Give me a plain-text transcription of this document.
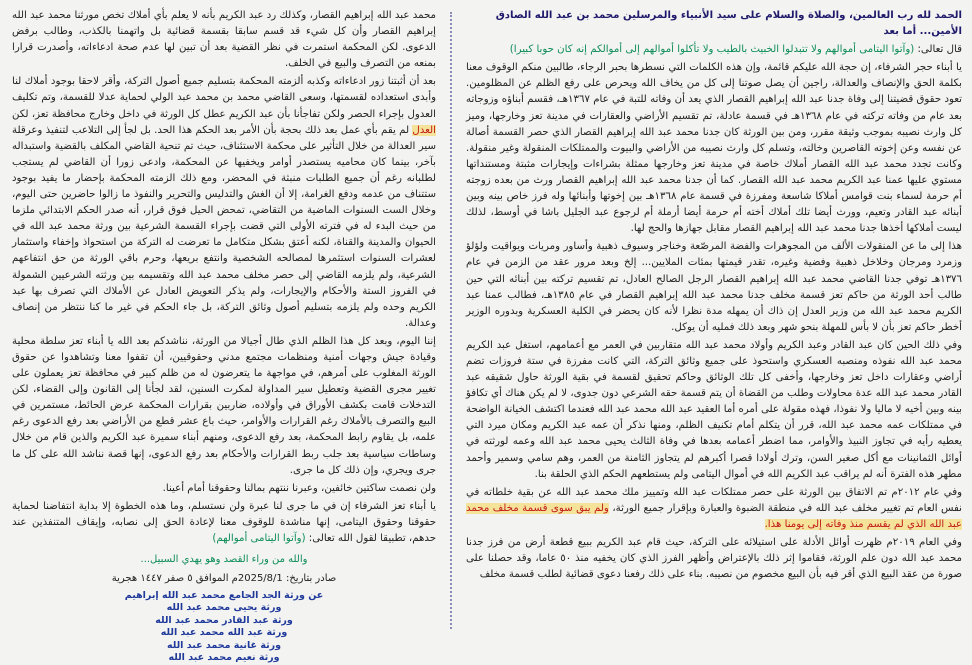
الحمد لله رب العالمين، والصلاة والسلام على سيد الأنبياء والمرسلين محمد بن عبد الله الصادق الأمين... أما بعد
قال تعالى: (وآتوا اليتامى أموالهم ولا تتبدلوا الخبيث بالطيب ولا تأكلوا أموالهم إلى أموالكم إنه كان حوبا كبيرا)
يا أبناء حجر الشرفاء، إن حجة الله عليكم قائمة، وإن هذه الكلمات التي نسطرها بحبر الرجاء، طالبين منكم الوقوف معنا بكلمة الحق والإنصاف والعدالة، راجين أن يصل صوتنا إلى كل من يخاف الله ويحرص على رفع الظلم عن المظلومين. تعود حقوق قضيتنا إلى وفاة جدنا عبد الله إبراهيم القصار الذي يعد أن وفاته للتبة في عام ١٣٦٧هـ، فقسم أبناؤه وزوجاته بعد عام من وفاته تركته في عام ١٣٦٨هـ في قسمة عادلة، تم تقسيم الأراضي والعقارات في مدينة تعز وخارجها، وميز كل وارث نصيبه بموجب وثيقة مقرر، ومن بين الورثة كان جدنا محمد عبد الله إبراهيم القصار الذي حصر القسمة أصالة عن نفسه وعن إخوته القاصرين وخالته، وتسلم كل وارث نصيبه من الأراضي والبيوت والممتلكات المنقولة وغير منقولة. وكانت تجدد محمد عبد الله القصار أملاك خاصة في مدينة تعز وخارجها ممثلة بشراءات وإيجارات مثبتة ومستنداتها مستوي عليها عمنا عبد الكريم محمد عبد الله القصار. كما أن جدنا محمد عبد الله إبراهيم القصار ورث من بعده زوجته أم حرمة لسماء بنت قوامس أملاكا شاسعة ومفرزة في قسمة عام ١٣٦٨هـ بين إخوتها وأبنائها وله فرز خاص بينه وبين أبنائه عبد القادر وتعيم، وورث أيضا تلك أملاك أخته أم حرمة أيضا أرملة أم لرجوع عبد الجليل باشا في أوسط، لذلك ليست أملاكها أخذها جدنا محمد عبد الله إبراهيم القصار مقابل جهازها والحج لها.
هذا إلى ما عن المنقولات الألف من المجوهرات والفضة المرصّعة وخناجر وسيوف ذهبية وأساور ومريات ويواقيت ولؤلؤ وزمرد ومرجان وخلاخل ذهبية وفضية وغيره، تقدر قيمتها بمئات الملايين... إلخ وبعد مرور عقد من الزمن في عام ١٣٧٦هـ توفي جدنا القاضي محمد عبد الله إبراهيم القصار الرجل الصالح العادل، تم تقسيم تركته بين أبنائه التي حين طالب أحد الورثة من حاكم تعز قسمة مخلف جدنا محمد عبد الله إبراهيم القصار في عام ١٣٨٥هـ، فطالب عمنا عبد الكريم محمد عبد الله من وزير العدل إن ذاك أن يمهله مدة نظرا لأنه كان يحضر في الكلية العسكرية وبدوره الوزير أخطر حاكم تعز بأن لا بأس للمهلة بنحو شهر وبعد ذلك فمليه أن يوكل.
وفي ذلك الحين كان عبد القادر وعبد الكريم وأولاد محمد عبد الله متقاربين في العمر مع أعمامهم، استغل عبد الكريم محمد عبد الله نفوذه ومنصبه العسكري واستحوذ على جميع وثائق التركة، التي كانت مفرزة في ستة فروزات تضم أراضي وعقارات داخل تعز وخارجها، وأخفى كل تلك الوثائق وحاكم تحقيق لقسمة في بقية الورثة حاول شقيقه عبد القادر محمد عبد الله عدة محاولات وطلب من القضاة أن يتم قسمة حقه الشرعي دون جدوى، لا لم يكن هناك أي تكافؤ بينه وبين أخيه لا ماليا ولا نفوذا، فهذه مقولة على أمره أما العقيد عبد الله محمد عبد الله فعندما اكتشف الخيانة الواضحة في ممتلكات عمه محمد عبد الله، قرر أن يتكلم أمام تكنيف الظلم، ومنها نذكر أن عمه عبد الكريم ومكان ميرد التي يعطيه رأيه في تجاوز النبيذ والأوامر، مما اضطر أعمامه بعدها في وفاة الثالث يحيى محمد عبد الله وعمه لورثته في أوائل الثمانينات مع أكل صغير السن، وترك أولادا قصرا أكبرهم لم يتجاوز الثامنة من العمر، وهم سامي وسمير وأحمد مطهر هذه الفترة أنه لم يراقب عبد الكريم الله في أموال اليتامى ولم يستطعهم الحكم الذي الحلقة بنا.
وفي عام ٢٠١٢م تم الاتفاق بين الورثة على حصر ممتلكات عبد الله وتمييز ملك محمد عبد الله عن بقية خلطاته في نفس العام تم تغيير مخلف عبد الله في منطقة الضبوة والعبارة وبإقرار جميع الورثة، ولم يبق سوى قسمة مخلف محمد عبد الله الذي لم يقسم منذ وفاته إلى يومنا هذا.
وفي العام ٢٠١٩م ظهرت أوائل الأدلة على استيلائه على التركة، حيث قام عبد الكريم ببيع قطعة أرض من فرز جدنا محمد عبد الله دون علم الورثة، فقاموا إثر ذلك بالإعتراض وأظهر الفرز الذي كان يخفيه منذ ٥٠ عاما، وقد حصلنا على صورة من عقد البيع الذي أقر فيه بأن البيع مخصوم من نصيبه. بناء على ذلك رفعنا دعوى قضائية لطلب قسمة مخلف
محمد عبد الله إبراهيم القصار، وكذلك رد عبد الكريم بأنه لا يعلم بأي أملاك تخص مورثنا محمد عبد الله إبراهيم القصار وأن كل شيء قد قسم سابقا بقسمة قضائية بل واتهمنا بالكذب، وطالب برفض الدعوى. لكن المحكمة استمرت في نظر القضية بعد أن تبين لها عدم صحة ادعاءاته، وأصدرت قرارا بمنعه من التصرف والبيع في الخلف.
بعد أن أثبتنا زور ادعاءاته وكذبه ألزمته المحكمة بتسليم جميع أصول التركة، وأقر لاحقا بوجود أملاك لنا وأبدى استعداده لقسمتها، وسعى القاضي محمد بن محمد عبد الولي لحماية عدلا للقسمة، وتم تكليف العدول بإجراء الحصر ولكن تفاجأنا بأن عبد الكريم عطل كل الورثة في داخل وخارج محافظة تعز، لكن العدل لم يقم بأي عمل بعد ذلك بحجة بأن الأمر بعد الحكم هذا الحد. بل لجأ إلى التلاعب لتنفيذ وعرقلة سير العدالة من خلال التأثير على محكمة الاستئناف، حيث تم تنحية القاضي المكلف بالقضية واستبداله بآخر، بينما كان محاميه يستصدر أوامر ويخفيها عن المحكمة، وادعى زورا أن القاضي لم يستجب لطلبانه رغم أن جميع الطلبات منبثة في المحضر، ومع ذلك الزمته المحكمة بإحضار ما يفيد بوجود ستتناف من عدمه ودفع الغرامة، إلا أن الغش والتدليس والتحرير والنفوذ ما زالوا حاضرين حتى اليوم، وخلال الست السنوات الماضية من التقاضي، تمحض الحيل فوق قرار، أنه صدر الحكم الابتدائي ملزما من حيث البدء له في فترته الأولى التي قضت بإجراء القسمة الشرعية بين ورثة محمد عبد الله في الحيوان والمدينة والقناة، لكنه أعتق بشكل متكامل ما تعرضت له التركة من استحواذ وإخفاء واستثمار لعشرات السنوات استثمرها لمصالحه الشخصية وانتفع بريعها، وحرم باقي الورثة من حق انتفاعهم الشرعية، ولم يلزمه القاضي إلى حصر مخلف محمد عبد الله وتقسيمه بين ورثته الشرعيين الشمولة في الفروز الستة والأحكام والإيجارات، ولم يذكر التعويض العادل عن الأملاك التي تصرف بها عبد الكريم وحده ولم يلزمه بتسليم أصول وثائق التركة، بل جاء الحكم في غير ما كنا ننتظر من إنصاف وعدالة.
إننا اليوم، وبعد كل هذا الظلم الذي طال أجيالا من الورثة، نناشدكم بعد الله يا أبناء تعز سلطة محلية وقيادة جيش وجهات أمنية ومنظمات مجتمع مدني وحقوقيين، أن تقفوا معنا وتشاهدوا عن حقوق الورثة المغلوب على أمرهم، في مواجهة ما يتعرضون له من ظلم كبير في محافظة تعز يعملون على تغيير مجرى القضية وتعطيل سير المداولة لمكرت السنين، لقد لجأنا إلى القانون وإلى القضاء، لكن التدخلات قامت بكشف الأوراق في وأولاده، ضاربين بقرارات المحكمة عرض الحائط، مستمرين في البيع والتصرف بالأملاك رغم القرارات والأوامر، حيث باع عشر قطع من الأراضي بعد رفع الدعوى رغم علمه، بل يقاوم رابط المحكمة، بعد رفع الدعوى، ومنهم أبناء سميرة عبد الكريم والذين قام من خلال وساطات سياسية بعد جلب ربط القرارات والأحكام بعد رفع الدعوى، إنها قصة نناشد الله على كل ما جرى ويجري، وإن ذلك كل ما جرى.
ولن نصمت ساكتين خائفين، وعبرنا ننتهم بمالنا وحقوقنا أمام أعينا.
يا أبناء تعز الشرفاء إن في ما جرى لنا عبرة ولن نستسلم، وما هذه الخطوة إلا بداية انتفاضنا لحماية حقوقنا وحقوق اليتامى، إنها مناشدة للوقوف معنا لإعادة الحق إلى نصابه، وإيقاف المتنفذين عند حدهم، تطبيقا لقول الله تعالى: (وآتوا اليتامى أموالهم)
والله من وراء القصد وهو يهدي السبيل...
صادر بتاريخ: 2025/8/1م الموافق ٥ صفر ١٤٤٧ هجرية
عن ورثة الجد الجامع محمد عبد الله إبراهيم
ورثة يحيى محمد عبد الله
ورثة عبد القادر محمد عبد الله
ورثة عبد الله محمد عبد الله
ورثة غانية محمد عبد الله
ورثة نعيم محمد عبد الله
